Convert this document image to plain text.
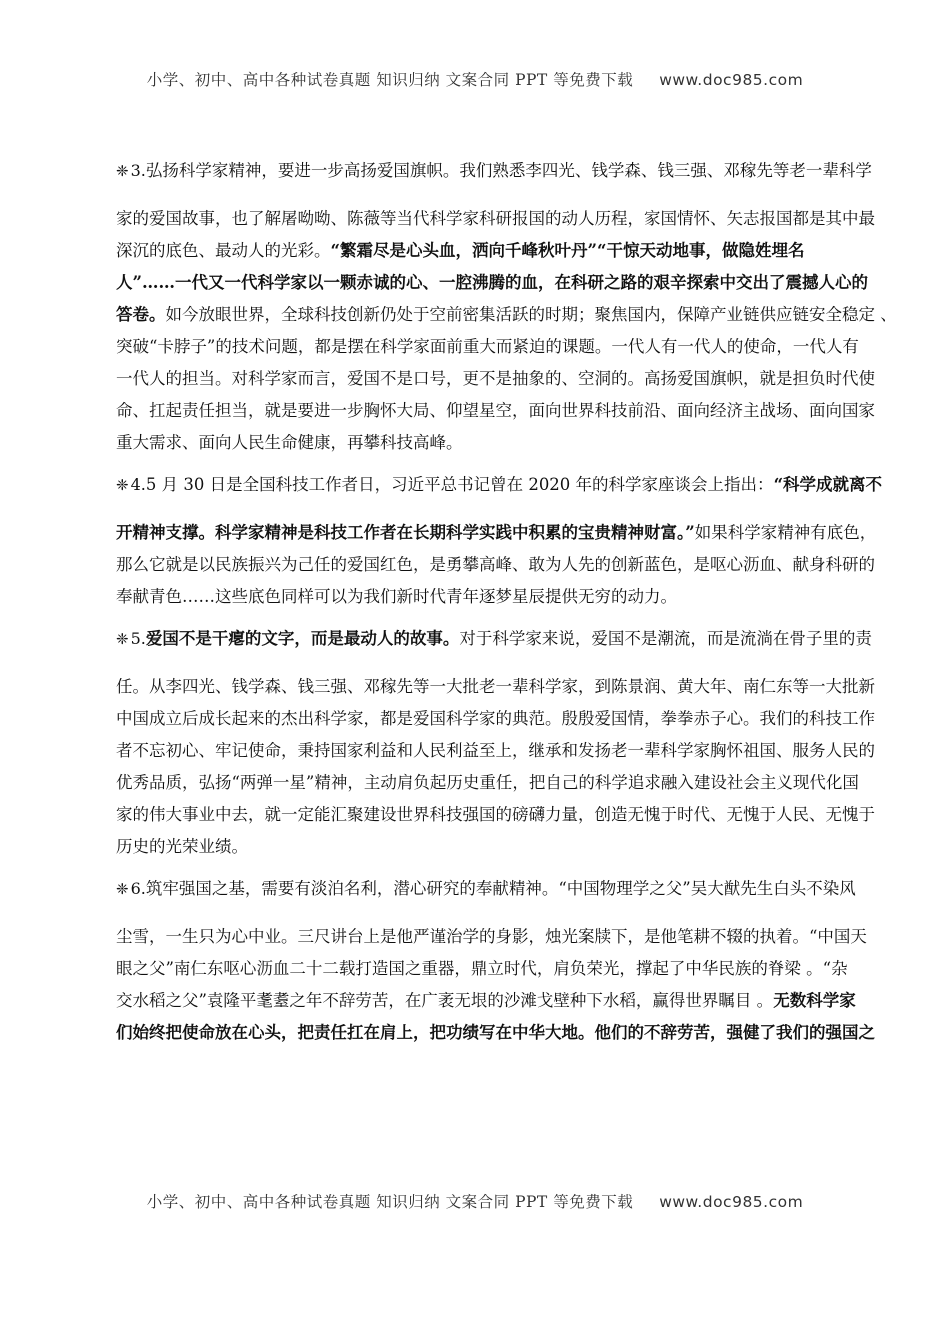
小学、初中、高中各种试卷真题 知识归纳 文案合同 PPT 等免费下载 www.doc985.com
❈ 3.弘扬科学家精神，要进一步高扬爱国旗帜。我们熟悉李四光、钱学森、钱三强、邓稼先等老一辈科学
家的爱国故事，也了解屠呦呦、陈薇等当代科学家科研报国的动人历程，家国情怀、矢志报国都是其中最
深沉的底色、最动人的光彩。“繁霜尽是心头血，洒向千峰秋叶丹”“干惊天动地事，做隐姓埋名
人”……一代又一代科学家以一颗赤诚的心、一腔沸腾的血，在科研之路的艰辛探索中交出了震撼人心的
答卷。如今放眼世界，全球科技创新仍处于空前密集活跃的时期；聚焦国内，保障产业链供应链安全稳定 、
突破“卡脖子”的技术问题，都是摆在科学家面前重大而紧迫的课题。一代人有一代人的使命，一代人有
一代人的担当。对科学家而言，爱国不是口号，更不是抽象的、空洞的。高扬爱国旗帜，就是担负时代使
命、扛起责任担当，就是要进一步胸怀大局、仰望星空，面向世界科技前沿、面向经济主战场、面向国家
重大需求、面向人民生命健康，再攀科技高峰。
❈ 4.5 月 30 日是全国科技工作者日，习近平总书记曾在 2020 年的科学家座谈会上指出：“科学成就离不
开精神支撑。科学家精神是科技工作者在长期科学实践中积累的宝贵精神财富。”如果科学家精神有底色，
那么它就是以民族振兴为己任的爱国红色，是勇攀高峰、敢为人先的创新蓝色，是呕心沥血、献身科研的
奉献青色……这些底色同样可以为我们新时代青年逐梦星辰提供无穷的动力。
❈ 5.爱国不是干瘪的文字，而是最动人的故事。对于科学家来说，爱国不是潮流，而是流淌在骨子里的责
任。从李四光、钱学森、钱三强、邓稼先等一大批老一辈科学家，到陈景润、黄大年、南仁东等一大批新
中国成立后成长起来的杰出科学家，都是爱国科学家的典范。殷殷爱国情，拳拳赤子心。我们的科技工作
者不忘初心、牢记使命，秉持国家利益和人民利益至上，继承和发扬老一辈科学家胸怀祖国、服务人民的
优秀品质，弘扬“两弹一星”精神，主动肩负起历史重任，把自己的科学追求融入建设社会主义现代化国
家的伟大事业中去，就一定能汇聚建设世界科技强国的磅礴力量，创造无愧于时代、无愧于人民、无愧于
历史的光荣业绩。
❈ 6.筑牢强国之基，需要有淡泊名利，潜心研究的奉献精神。“中国物理学之父”吴大猷先生白头不染风
尘雪，一生只为心中业。三尺讲台上是他严谨治学的身影，烛光案牍下，是他笔耕不辍的执着。“中国天
眼之父”南仁东呕心沥血二十二载打造国之重器，鼎立时代，肩负荣光，撑起了中华民族的脊梁 。“杂
交水稻之父”袁隆平耄耋之年不辞劳苦，在广袤无垠的沙滩戈壁种下水稻，赢得世界瞩目 。无数科学家
们始终把使命放在心头，把责任扛在肩上，把功绩写在中华大地。他们的不辞劳苦，强健了我们的强国之
小学、初中、高中各种试卷真题 知识归纳 文案合同 PPT 等免费下载 www.doc985.com
